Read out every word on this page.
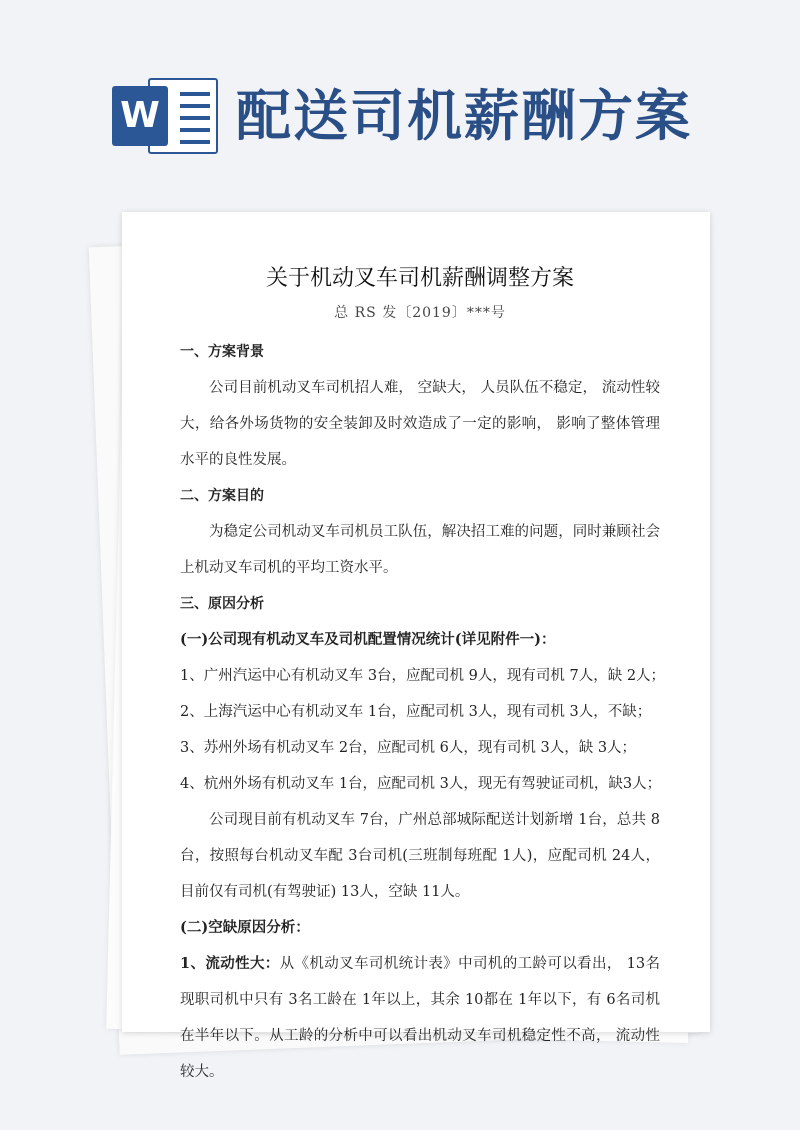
W 配送司机薪酬方案
关于机动叉车司机薪酬调整方案
总 RS 发〔2019〕***号
一、方案背景

公司目前机动叉车司机招人难， 空缺大， 人员队伍不稳定， 流动性较大，给各外场货物的安全装卸及时效造成了一定的影响， 影响了整体管理水平的良性发展。

二、方案目的

为稳定公司机动叉车司机员工队伍，解决招工难的问题，同时兼顾社会上机动叉车司机的平均工资水平。

三、原因分析
(一)公司现有机动叉车及司机配置情况统计(详见附件一)：
1、广州汽运中心有机动叉车 3台，应配司机 9人，现有司机 7人，缺 2人；
2、上海汽运中心有机动叉车 1台，应配司机 3人，现有司机 3人，不缺；
3、苏州外场有机动叉车 2台，应配司机 6人，现有司机 3人，缺 3人；
4、杭州外场有机动叉车 1台，应配司机 3人，现无有驾驶证司机，缺3人；

公司现目前有机动叉车 7台，广州总部城际配送计划新增 1台，总共 8台，按照每台机动叉车配 3台司机(三班制每班配 1人)，应配司机 24人，目前仅有司机(有驾驶证) 13人，空缺 11人。

(二)空缺原因分析：

1、流动性大：从《机动叉车司机统计表》中司机的工龄可以看出， 13名现职司机中只有 3名工龄在 1年以上，其余 10都在 1年以下，有 6名司机在半年以下。从工龄的分析中可以看出机动叉车司机稳定性不高， 流动性较大。
